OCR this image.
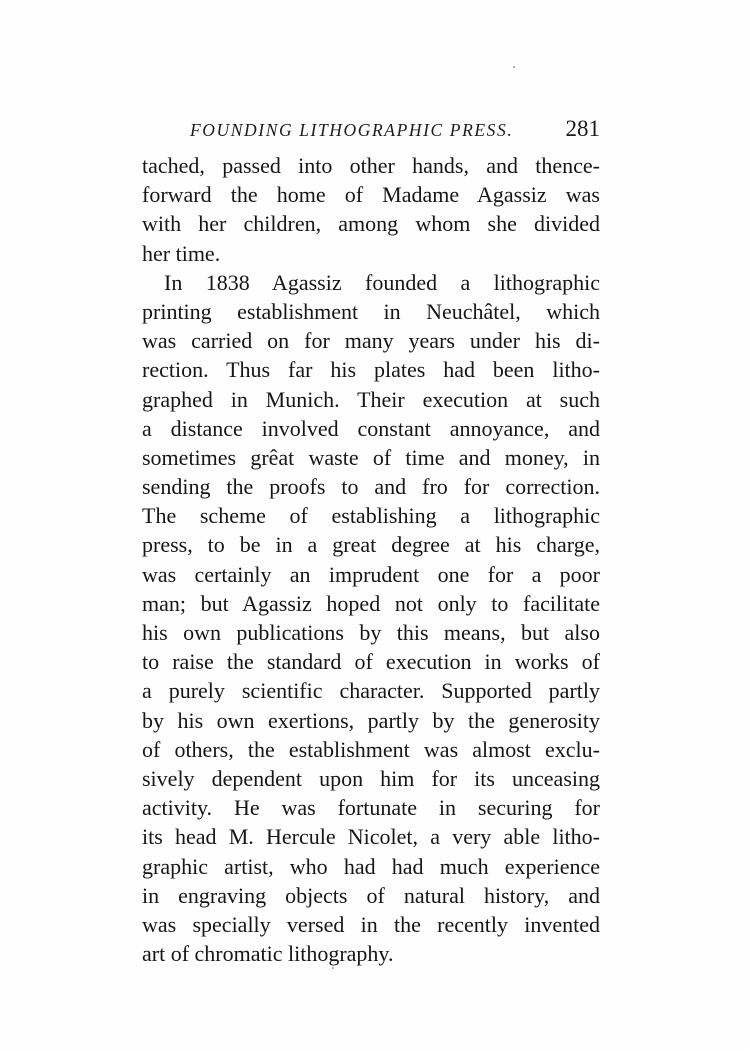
FOUNDING LITHOGRAPHIC PRESS. 281
tached, passed into other hands, and thence-
forward the home of Madame Agassiz was
with her children, among whom she divided
her time.
In 1838 Agassiz founded a lithographic
printing establishment in Neuchâtel, which
was carried on for many years under his di-
rection. Thus far his plates had been litho-
graphed in Munich. Their execution at such
a distance involved constant annoyance, and
sometimes grêat waste of time and money, in
sending the proofs to and fro for correction.
The scheme of establishing a lithographic
press, to be in a great degree at his charge,
was certainly an imprudent one for a poor
man; but Agassiz hoped not only to facilitate
his own publications by this means, but also
to raise the standard of execution in works of
a purely scientific character. Supported partly
by his own exertions, partly by the generosity
of others, the establishment was almost exclu-
sively dependent upon him for its unceasing
activity. He was fortunate in securing for
its head M. Hercule Nicolet, a very able litho-
graphic artist, who had had much experience
in engraving objects of natural history, and
was specially versed in the recently invented
art of chromatic lithography.
